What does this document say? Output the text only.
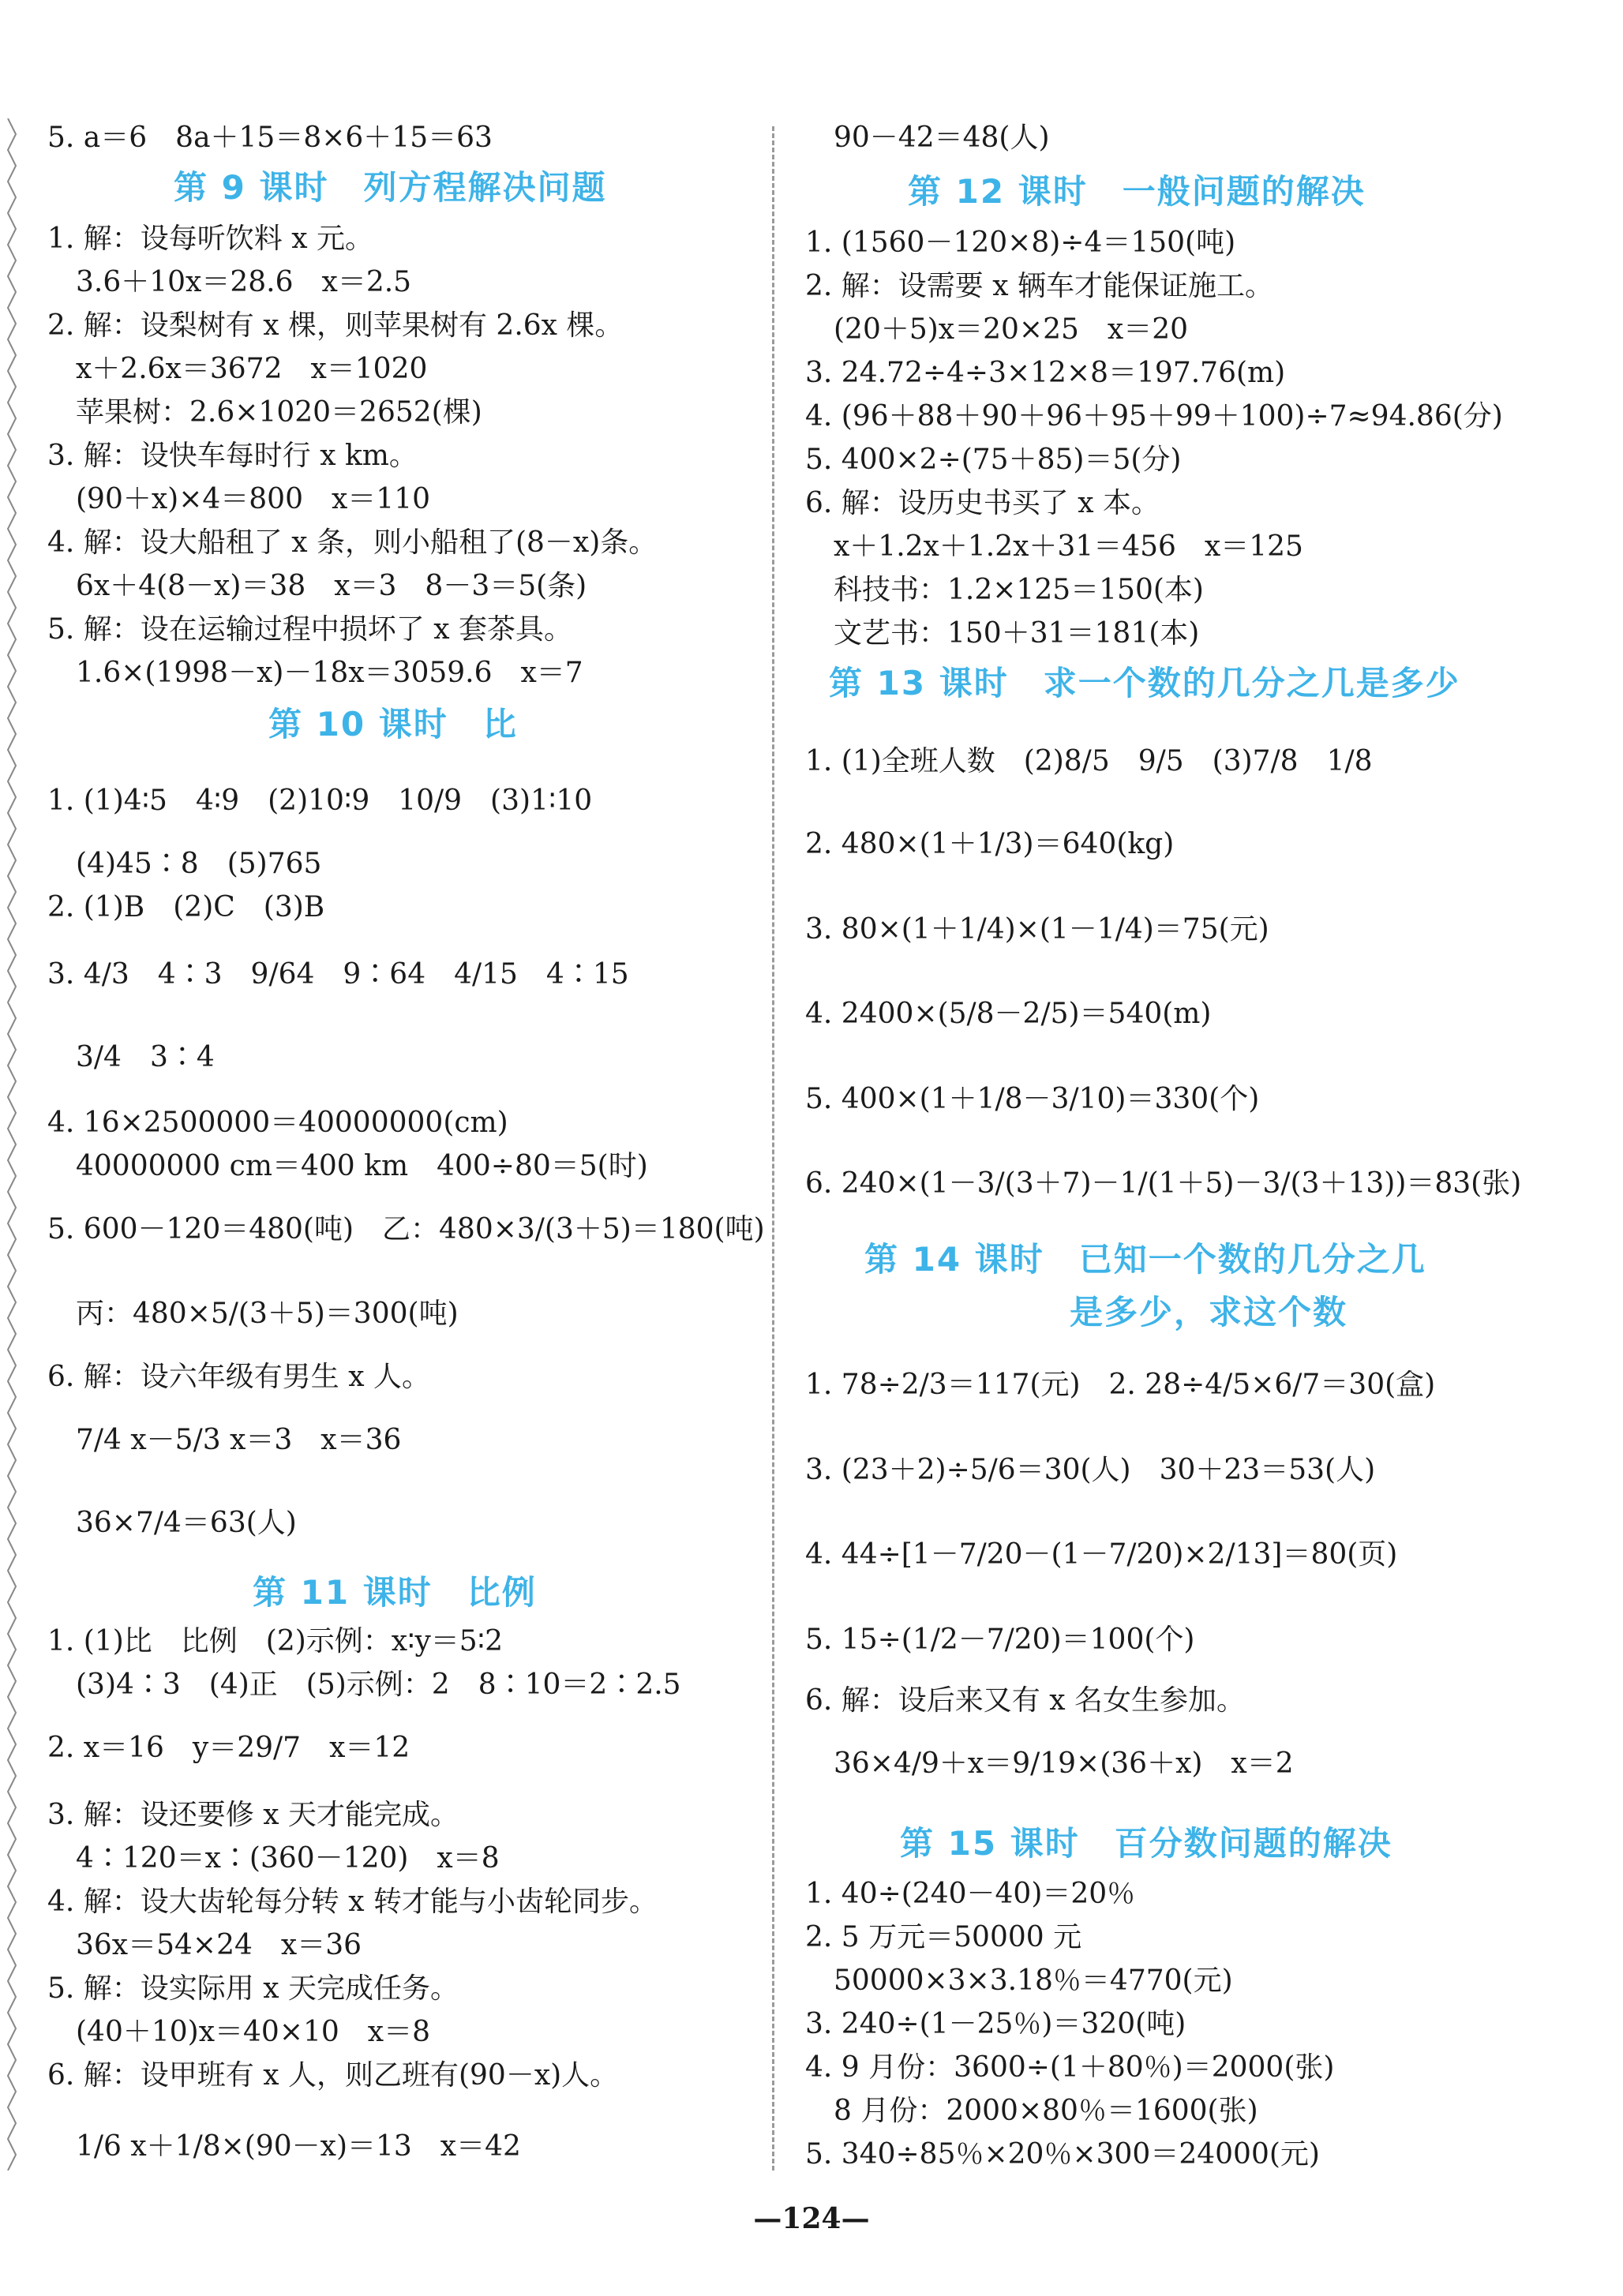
5. a＝6　8a＋15＝8×6＋15＝63
第 9 课时　列方程解决问题
1. 解：设每听饮料 x 元。
　3.6＋10x＝28.6　x＝2.5
2. 解：设梨树有 x 棵，则苹果树有 2.6x 棵。
　x＋2.6x＝3672　x＝1020
　苹果树：2.6×1020＝2652(棵)
3. 解：设快车每时行 x km。
　(90＋x)×4＝800　x＝110
4. 解：设大船租了 x 条，则小船租了(8－x)条。
　6x＋4(8－x)＝38　x＝3　8－3＝5(条)
5. 解：设在运输过程中损坏了 x 套茶具。
　1.6×(1998－x)－18x＝3059.6　x＝7
第 10 课时　比
1. (1)4∶5　4∶9　(2)10∶9　10/9　(3)1∶10
　(4)45∶8　(5)765
2. (1)B　(2)C　(3)B
3. 4/3　4∶3　9/64　9∶64　4/15　4∶15
　3/4　3∶4
4. 16×2500000＝40000000(cm)
　40000000 cm＝400 km　400÷80＝5(时)
5. 600－120＝480(吨)　乙：480×3/(3＋5)＝180(吨)
　丙：480×5/(3＋5)＝300(吨)
6. 解：设六年级有男生 x 人。
　7/4 x－5/3 x＝3　x＝36
　36×7/4＝63(人)
第 11 课时　比例
1. (1)比　比例　(2)示例：x∶y＝5∶2
　(3)4∶3　(4)正　(5)示例：2　8∶10＝2∶2.5
2. x＝16　y＝29/7　x＝12
3. 解：设还要修 x 天才能完成。
　4∶120＝x∶(360－120)　x＝8
4. 解：设大齿轮每分转 x 转才能与小齿轮同步。
　36x＝54×24　x＝36
5. 解：设实际用 x 天完成任务。
　(40＋10)x＝40×10　x＝8
6. 解：设甲班有 x 人，则乙班有(90－x)人。
　1/6 x＋1/8×(90－x)＝13　x＝42
　90－42＝48(人)
第 12 课时　一般问题的解决
1. (1560－120×8)÷4＝150(吨)
2. 解：设需要 x 辆车才能保证施工。
　(20＋5)x＝20×25　x＝20
3. 24.72÷4÷3×12×8＝197.76(m)
4. (96＋88＋90＋96＋95＋99＋100)÷7≈94.86(分)
5. 400×2÷(75＋85)＝5(分)
6. 解：设历史书买了 x 本。
　x＋1.2x＋1.2x＋31＝456　x＝125
　科技书：1.2×125＝150(本)
　文艺书：150＋31＝181(本)
第 13 课时　求一个数的几分之几是多少
1. (1)全班人数　(2)8/5　9/5　(3)7/8　1/8
2. 480×(1＋1/3)＝640(kg)
3. 80×(1＋1/4)×(1－1/4)＝75(元)
4. 2400×(5/8－2/5)＝540(m)
5. 400×(1＋1/8－3/10)＝330(个)
6. 240×(1－3/(3＋7)－1/(1＋5)－3/(3＋13))＝83(张)
第 14 课时　已知一个数的几分之几
是多少，求这个数
1. 78÷2/3＝117(元)　2. 28÷4/5×6/7＝30(盒)
3. (23＋2)÷5/6＝30(人)　30＋23＝53(人)
4. 44÷[1－7/20－(1－7/20)×2/13]＝80(页)
5. 15÷(1/2－7/20)＝100(个)
6. 解：设后来又有 x 名女生参加。
　36×4/9＋x＝9/19×(36＋x)　x＝2
第 15 课时　百分数问题的解决
1. 40÷(240－40)＝20％
2. 5 万元＝50000 元
　50000×3×3.18％＝4770(元)
3. 240÷(1－25％)＝320(吨)
4. 9 月份：3600÷(1＋80％)＝2000(张)
　8 月份：2000×80％＝1600(张)
5. 340÷85％×20％×300＝24000(元)
—124—
